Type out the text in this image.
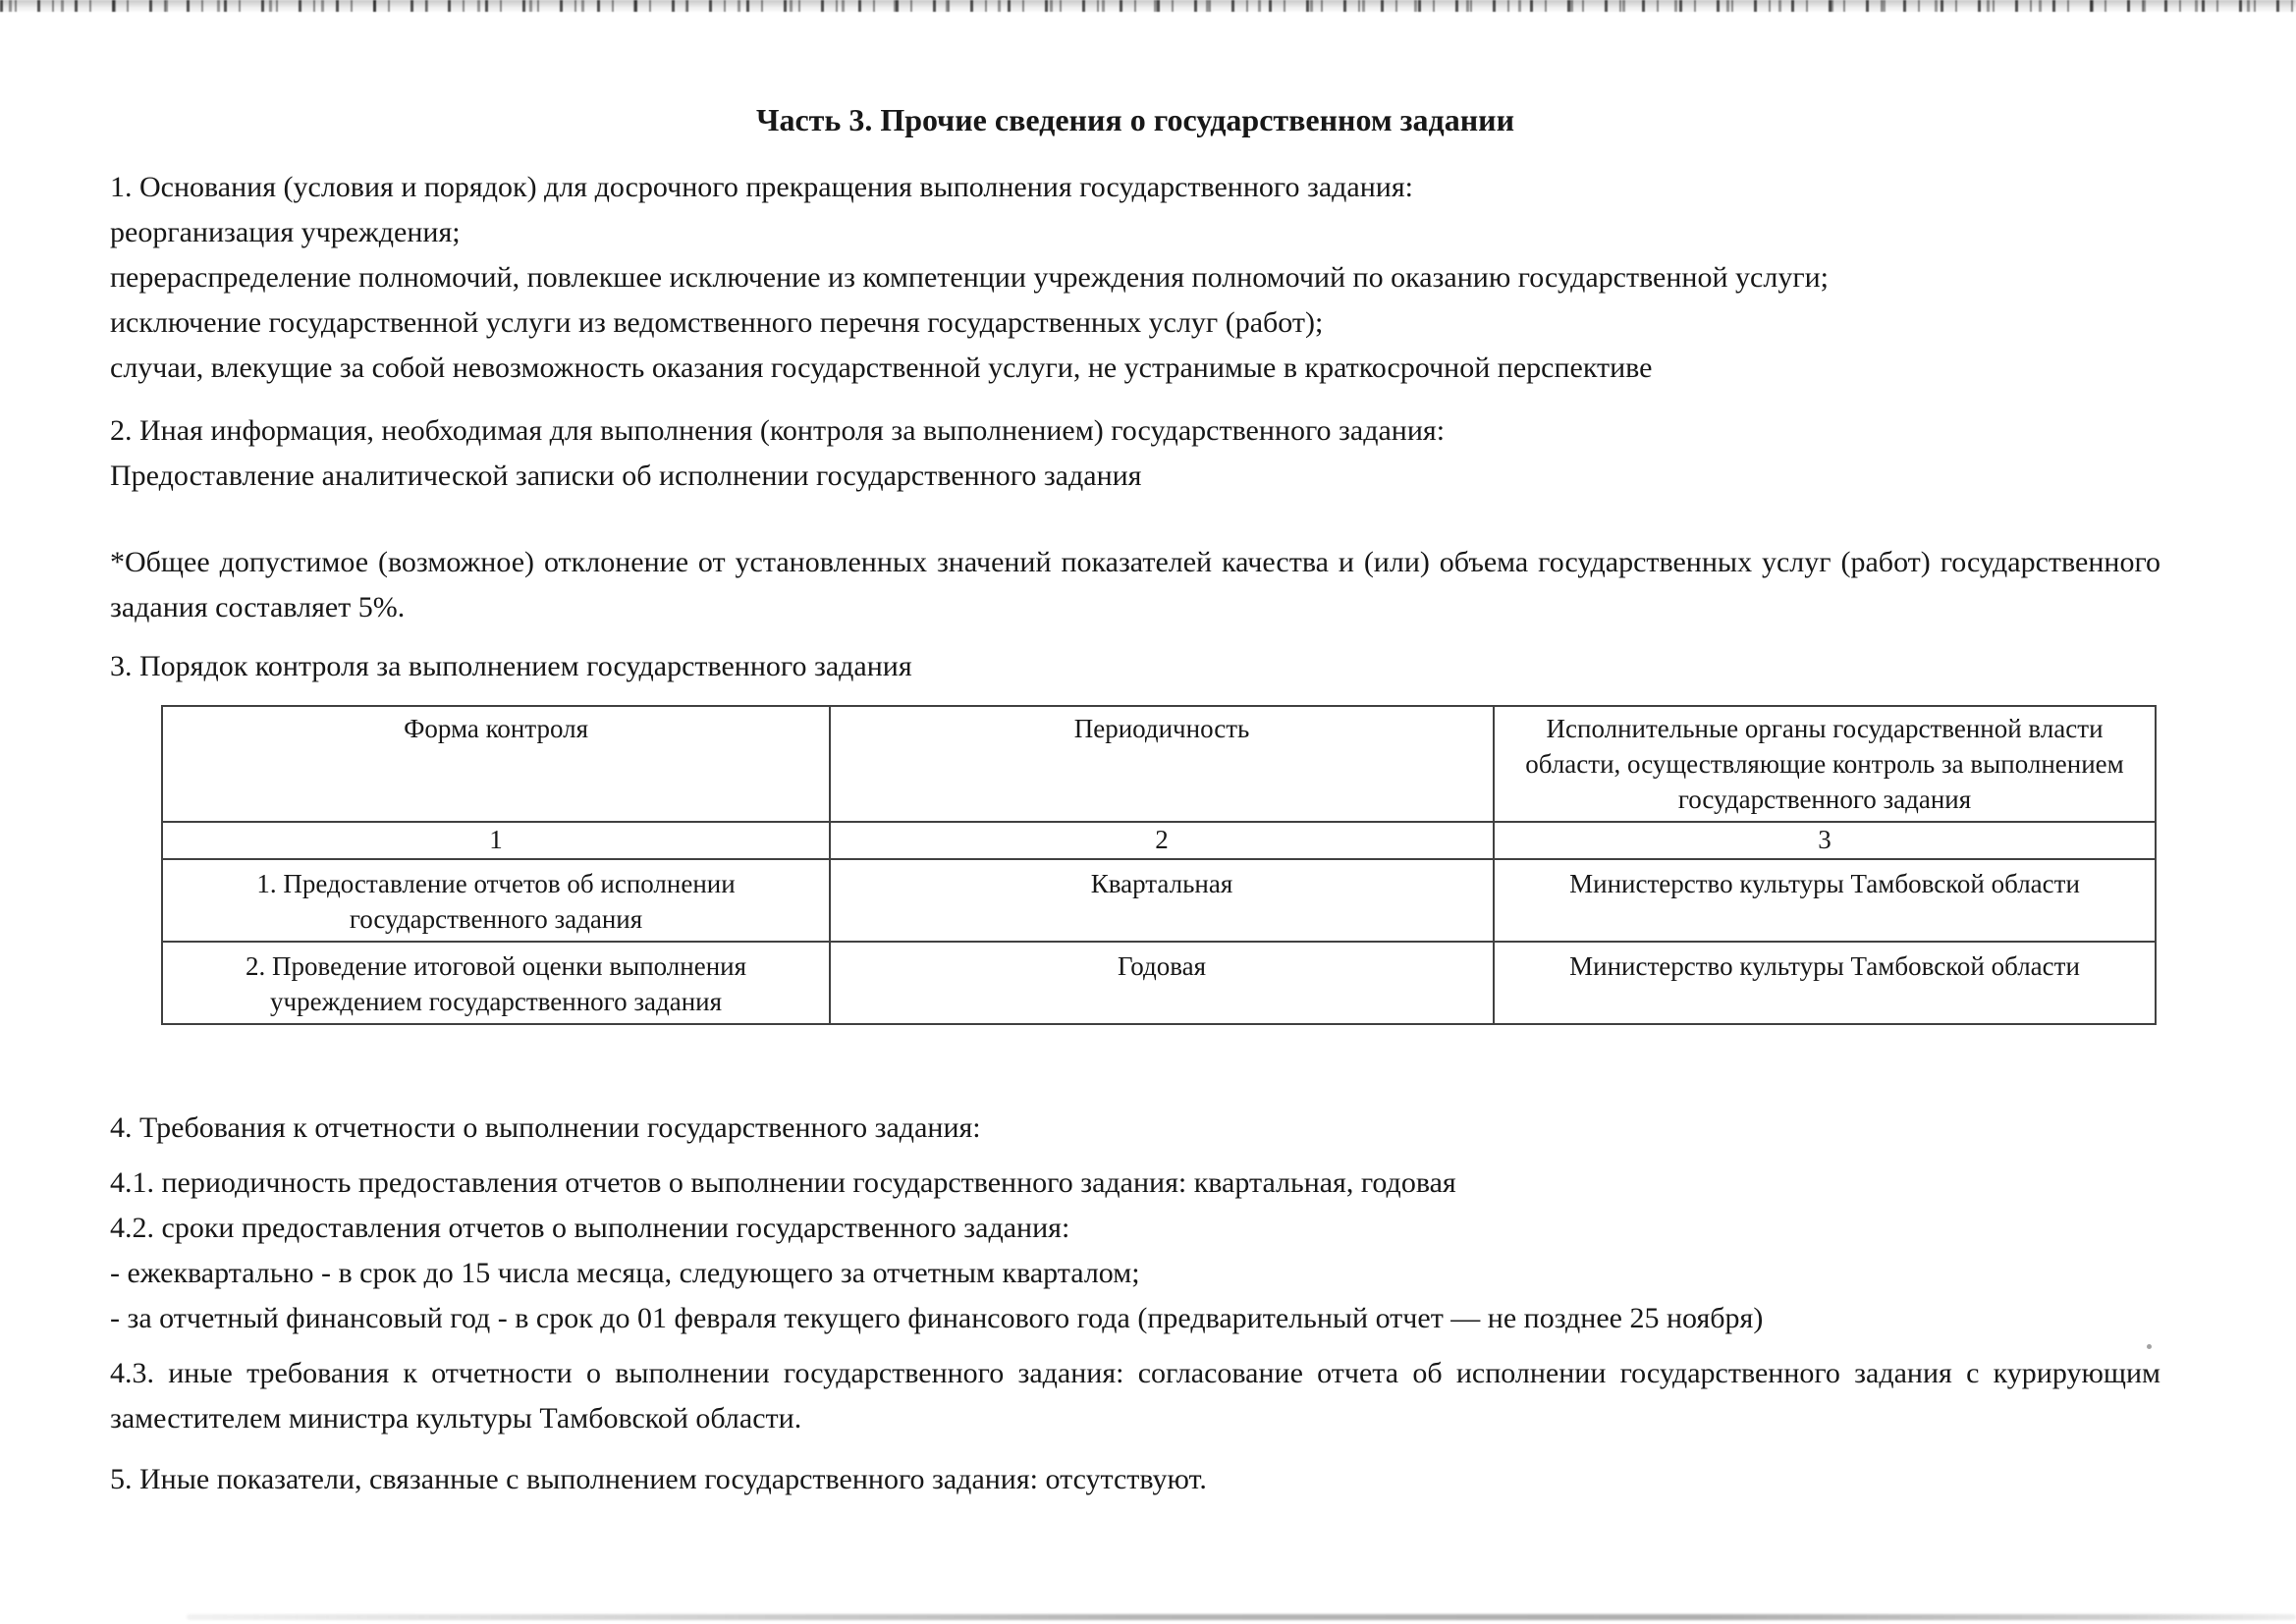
Часть 3. Прочие сведения о государственном задании
1. Основания (условия и порядок) для досрочного прекращения выполнения государственного задания:
реорганизация учреждения;
перераспределение полномочий, повлекшее исключение из компетенции учреждения полномочий по оказанию государственной услуги;
исключение государственной услуги из ведомственного перечня государственных услуг (работ);
случаи, влекущие за собой невозможность оказания государственной услуги, не устранимые в краткосрочной перспективе
2. Иная информация, необходимая для выполнения (контроля за выполнением) государственного задания:
Предоставление аналитической записки об исполнении государственного задания
*Общее допустимое (возможное) отклонение от установленных значений показателей качества и (или) объема государственных услуг (работ) государственного задания составляет 5%.
3. Порядок контроля за выполнением государственного задания
Форма контроля	Периодичность	Исполнительные органы государственной власти области, осуществляющие контроль за выполнением государственного задания
1	2	3
1. Предоставление отчетов об исполнении государственного задания	Квартальная	Министерство культуры Тамбовской области
2. Проведение итоговой оценки выполнения учреждением государственного задания	Годовая	Министерство культуры Тамбовской области
4. Требования к отчетности о выполнении государственного задания:
4.1. периодичность предоставления отчетов о выполнении государственного задания: квартальная, годовая
4.2. сроки предоставления отчетов о выполнении государственного задания:
- ежеквартально - в срок до 15 числа месяца, следующего за отчетным кварталом;
- за отчетный финансовый год - в срок до 01 февраля текущего финансового года (предварительный отчет — не позднее 25 ноября)
4.3. иные требования к отчетности о выполнении государственного задания: согласование отчета об исполнении государственного задания с курирующим заместителем министра культуры Тамбовской области.
5. Иные показатели, связанные с выполнением государственного задания: отсутствуют.
